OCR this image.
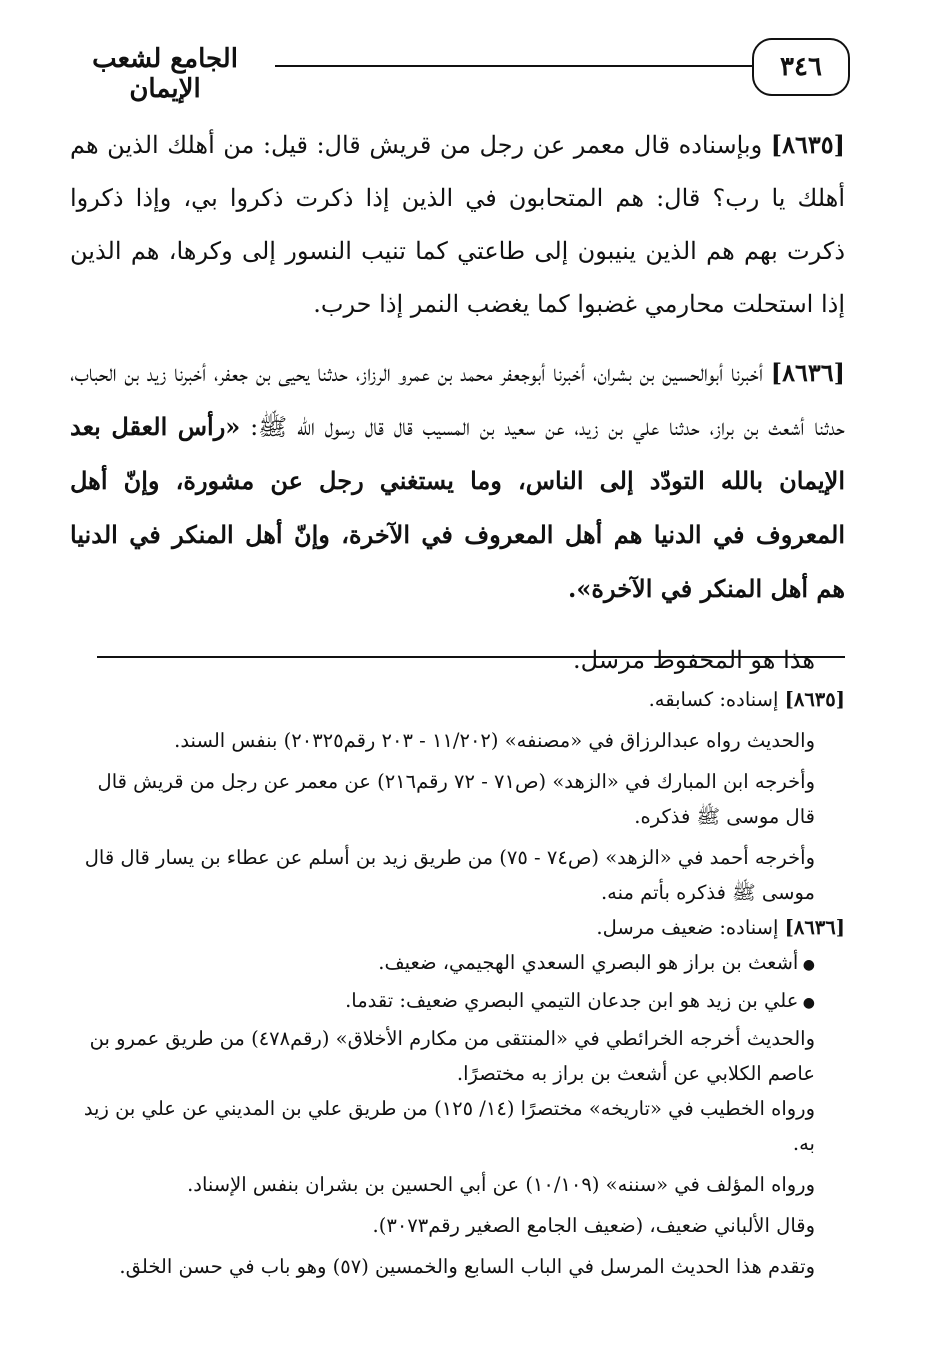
٣٤٦
الجامع لشعب الإيمان

[٨٦٣٥] وبإسناده قال معمر عن رجل من قريش قال: قيل: من أهلك الذين هم أهلك يا رب؟ قال: هم المتحابون في الذين إذا ذكرت ذكروا بي، وإذا ذكروا ذكرت بهم هم الذين ينيبون إلى طاعتي كما تنيب النسور إلى وكرها، هم الذين إذا استحلت محارمي غضبوا كما يغضب النمر إذا حرب.

[٨٦٣٦] أخبرنا أبوالحسين بن بشران، أخبرنا أبوجعفر محمد بن عمرو الرزاز، حدثنا يحيى بن جعفر، أخبرنا زيد بن الحباب، حدثنا أشعث بن براز، حدثنا علي بن زيد، عن سعيد بن المسيب قال قال رسول الله ﷺ: «رأس العقل بعد الإيمان بالله التودّد إلى الناس، وما يستغني رجل عن مشورة، وإنّ أهل المعروف في الدنيا هم أهل المعروف في الآخرة، وإنّ أهل المنكر في الدنيا هم أهل المنكر في الآخرة».

هذا هو المحفوظ مرسل.

[٨٦٣٥] إسناده: كسابقه.

والحديث رواه عبدالرزاق في «مصنفه» (١١/٢٠٢ - ٢٠٣ رقم٢٠٣٢٥) بنفس السند.

وأخرجه ابن المبارك في «الزهد» (ص٧١ - ٧٢ رقم٢١٦) عن معمر عن رجل من قريش قال قال موسى ﷺ فذكره.

وأخرجه أحمد في «الزهد» (ص٧٤ - ٧٥) من طريق زيد بن أسلم عن عطاء بن يسار قال قال موسى ﷺ فذكره بأتم منه.

[٨٦٣٦] إسناده: ضعيف مرسل.

● أشعث بن براز هو البصري السعدي الهجيمي، ضعيف.

● علي بن زيد هو ابن جدعان التيمي البصري ضعيف: تقدما.

والحديث أخرجه الخرائطي في «المنتقى من مكارم الأخلاق» (رقم٤٧٨) من طريق عمرو بن عاصم الكلابي عن أشعث بن براز به مختصرًا.

ورواه الخطيب في «تاريخه» مختصرًا (١٤/ ١٢٥) من طريق علي بن المديني عن علي بن زيد به.

ورواه المؤلف في «سننه» (١٠/١٠٩) عن أبي الحسين بن بشران بنفس الإسناد.

وقال الألباني ضعيف، (ضعيف الجامع الصغير رقم٣٠٧٣).

وتقدم هذا الحديث المرسل في الباب السابع والخمسين (٥٧) وهو باب في حسن الخلق.
